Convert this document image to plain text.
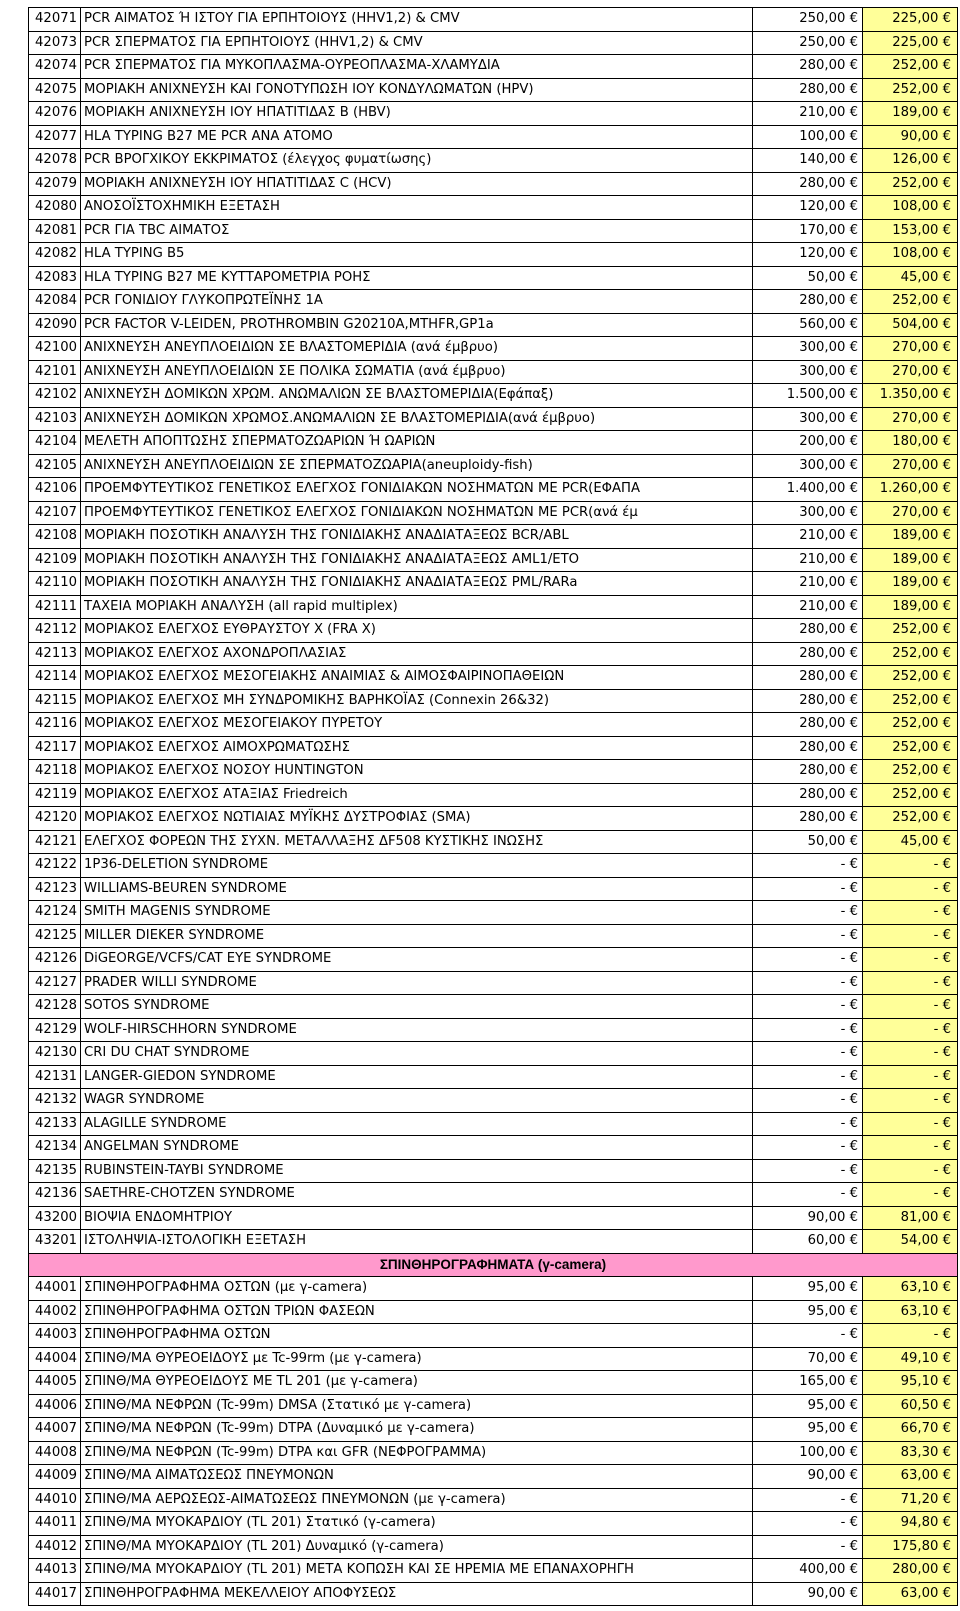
42071 PCR ΑΙΜΑΤΟΣ Ή ΙΣΤΟΥ ΓΙΑ ΕΡΠΗΤΟΙΟΥΣ (HHV1,2) & CMV	250,00 €	225,00 €
42073 PCR ΣΠΕΡΜΑΤΟΣ ΓΙΑ ΕΡΠΗΤΟΙΟΥΣ (HHV1,2) & CMV	250,00 €	225,00 €
42074 PCR ΣΠΕΡΜΑΤΟΣ ΓΙΑ ΜΥΚΟΠΛΑΣΜΑ-ΟΥΡΕΟΠΛΑΣΜΑ-ΧΛΑΜΥΔΙΑ	280,00 €	252,00 €
42075 ΜΟΡΙΑΚΗ ΑΝΙΧΝΕΥΣΗ ΚΑΙ ΓΟΝΟΤΥΠΩΣΗ ΙΟΥ ΚΟΝΔΥΛΩΜΑΤΩΝ (HPV)	280,00 €	252,00 €
42076 ΜΟΡΙΑΚΗ ΑΝΙΧΝΕΥΣΗ ΙΟΥ ΗΠΑΤΙΤΙΔΑΣ Β (HBV)	210,00 €	189,00 €
42077 HLA TYPING B27 ΜΕ PCR ΑΝΑ ΑΤΟΜΟ	100,00 €	90,00 €
42078 PCR ΒΡΟΓΧΙΚΟΥ ΕΚΚΡΙΜΑΤΟΣ (έλεγχος φυματίωσης)	140,00 €	126,00 €
42079 ΜΟΡΙΑΚΗ ΑΝΙΧΝΕΥΣΗ ΙΟΥ ΗΠΑΤΙΤΙΔΑΣ C (HCV)	280,00 €	252,00 €
42080 ΑΝΟΣΟΪΣΤΟΧΗΜΙΚΗ ΕΞΕΤΑΣΗ	120,00 €	108,00 €
42081 PCR ΓΙΑ TBC ΑΙΜΑΤΟΣ	170,00 €	153,00 €
42082 HLA TYPING B5	120,00 €	108,00 €
42083 HLA TYPING B27 ΜΕ ΚΥΤΤΑΡΟΜΕΤΡΙΑ ΡΟΗΣ	50,00 €	45,00 €
42084 PCR ΓΟΝΙΔΙΟΥ ΓΛΥΚΟΠΡΩΤΕΪΝΗΣ 1Α	280,00 €	252,00 €
42090 PCR FACTOR V-LEIDEN, PROTHROMBIN G20210A,MTHFR,GP1a	560,00 €	504,00 €
42100 ΑΝΙΧΝΕΥΣΗ ΑΝΕΥΠΛΟΕΙΔΙΩΝ ΣΕ ΒΛΑΣΤΟΜΕΡΙΔΙΑ (ανά έμβρυο)	300,00 €	270,00 €
42101 ΑΝΙΧΝΕΥΣΗ ΑΝΕΥΠΛΟΕΙΔΙΩΝ ΣΕ ΠΟΛΙΚΑ ΣΩΜΑΤΙΑ (ανά έμβρυο)	300,00 €	270,00 €
42102 ΑΝΙΧΝΕΥΣΗ ΔΟΜΙΚΩΝ ΧΡΩΜ. ΑΝΩΜΑΛΙΩΝ ΣΕ ΒΛΑΣΤΟΜΕΡΙΔΙΑ(Εφάπαξ)	1.500,00 €	1.350,00 €
42103 ΑΝΙΧΝΕΥΣΗ ΔΟΜΙΚΩΝ ΧΡΩΜΟΣ.ΑΝΩΜΑΛΙΩΝ ΣΕ ΒΛΑΣΤΟΜΕΡΙΔΙΑ(ανά έμβρυο)	300,00 €	270,00 €
42104 ΜΕΛΕΤΗ ΑΠΟΠΤΩΣΗΣ ΣΠΕΡΜΑΤΟΖΩΑΡΙΩΝ Ή ΩΑΡΙΩΝ	200,00 €	180,00 €
42105 ΑΝΙΧΝΕΥΣΗ ΑΝΕΥΠΛΟΕΙΔΙΩΝ ΣΕ ΣΠΕΡΜΑΤΟΖΩΑΡΙΑ(aneuploidy-fish)	300,00 €	270,00 €
42106 ΠΡΟΕΜΦΥΤΕΥΤΙΚΟΣ ΓΕΝΕΤΙΚΟΣ ΕΛΕΓΧΟΣ ΓΟΝΙΔΙΑΚΩΝ ΝΟΣΗΜΑΤΩΝ ΜΕ PCR(ΕΦΑΠΑ	1.400,00 €	1.260,00 €
42107 ΠΡΟΕΜΦΥΤΕΥΤΙΚΟΣ ΓΕΝΕΤΙΚΟΣ ΕΛΕΓΧΟΣ ΓΟΝΙΔΙΑΚΩΝ ΝΟΣΗΜΑΤΩΝ ΜΕ PCR(ανά έμ	300,00 €	270,00 €
42108 ΜΟΡΙΑΚΗ ΠΟΣΟΤΙΚΗ ΑΝΑΛΥΣΗ ΤΗΣ ΓΟΝΙΔΙΑΚΗΣ ΑΝΑΔΙΑΤΑΞΕΩΣ BCR/ABL	210,00 €	189,00 €
42109 ΜΟΡΙΑΚΗ ΠΟΣΟΤΙΚΗ ΑΝΑΛΥΣΗ ΤΗΣ ΓΟΝΙΔΙΑΚΗΣ ΑΝΑΔΙΑΤΑΞΕΩΣ AML1/ETO	210,00 €	189,00 €
42110 ΜΟΡΙΑΚΗ ΠΟΣΟΤΙΚΗ ΑΝΑΛΥΣΗ ΤΗΣ ΓΟΝΙΔΙΑΚΗΣ ΑΝΑΔΙΑΤΑΞΕΩΣ PML/RARa	210,00 €	189,00 €
42111 ΤΑΧΕΙΑ ΜΟΡΙΑΚΗ ΑΝΑΛΥΣΗ (all rapid multiplex)	210,00 €	189,00 €
42112 ΜΟΡΙΑΚΟΣ ΕΛΕΓΧΟΣ ΕΥΘΡΑΥΣΤΟΥ Χ (FRA X)	280,00 €	252,00 €
42113 ΜΟΡΙΑΚΟΣ ΕΛΕΓΧΟΣ ΑΧΟΝΔΡΟΠΛΑΣΙΑΣ	280,00 €	252,00 €
42114 ΜΟΡΙΑΚΟΣ ΕΛΕΓΧΟΣ ΜΕΣΟΓΕΙΑΚΗΣ ΑΝΑΙΜΙΑΣ & ΑΙΜΟΣΦΑΙΡΙΝΟΠΑΘΕΙΩΝ	280,00 €	252,00 €
42115 ΜΟΡΙΑΚΟΣ ΕΛΕΓΧΟΣ ΜΗ ΣΥΝΔΡΟΜΙΚΗΣ ΒΑΡΗΚΟΪΑΣ (Connexin 26&32)	280,00 €	252,00 €
42116 ΜΟΡΙΑΚΟΣ ΕΛΕΓΧΟΣ ΜΕΣΟΓΕΙΑΚΟΥ ΠΥΡΕΤΟΥ	280,00 €	252,00 €
42117 ΜΟΡΙΑΚΟΣ ΕΛΕΓΧΟΣ ΑΙΜΟΧΡΩΜΑΤΩΣΗΣ	280,00 €	252,00 €
42118 ΜΟΡΙΑΚΟΣ ΕΛΕΓΧΟΣ ΝΟΣΟΥ HUNTINGTON	280,00 €	252,00 €
42119 ΜΟΡΙΑΚΟΣ ΕΛΕΓΧΟΣ ΑΤΑΞΙΑΣ Friedreich	280,00 €	252,00 €
42120 ΜΟΡΙΑΚΟΣ ΕΛΕΓΧΟΣ ΝΩΤΙΑΙΑΣ ΜΥΪΚΗΣ ΔΥΣΤΡΟΦΙΑΣ (SMA)	280,00 €	252,00 €
42121 ΕΛΕΓΧΟΣ ΦΟΡΕΩΝ ΤΗΣ ΣΥΧΝ. ΜΕΤΑΛΛΑΞΗΣ ΔF508 ΚΥΣΤΙΚΗΣ ΙΝΩΣΗΣ	50,00 €	45,00 €
42122 1P36-DELETION SYNDROME	- €	- €
42123 WILLIAMS-BEUREN SYNDROME	- €	- €
42124 SMITH MAGENIS SYNDROME	- €	- €
42125 MILLER DIEKER SYNDROME	- €	- €
42126 DiGEORGE/VCFS/CAT EYE SYNDROME	- €	- €
42127 PRADER WILLI SYNDROME	- €	- €
42128 SOTOS SYNDROME	- €	- €
42129 WOLF-HIRSCHHORN SYNDROME	- €	- €
42130 CRI DU CHAT SYNDROME	- €	- €
42131 LANGER-GIEDON SYNDROME	- €	- €
42132 WAGR SYNDROME	- €	- €
42133 ALAGILLE SYNDROME	- €	- €
42134 ANGELMAN SYNDROME	- €	- €
42135 RUBINSTEIN-TAYBI SYNDROME	- €	- €
42136 SAETHRE-CHOTZEN SYNDROME	- €	- €
43200 ΒΙΟΨΙΑ ΕΝΔΟΜΗΤΡΙΟΥ	90,00 €	81,00 €
43201 ΙΣΤΟΛΗΨΙΑ-ΙΣΤΟΛΟΓΙΚΗ ΕΞΕΤΑΣΗ	60,00 €	54,00 €
ΣΠΙΝΘΗΡΟΓΡΑΦΗΜΑΤΑ (γ-camera)
44001 ΣΠΙΝΘΗΡΟΓΡΑΦΗΜΑ ΟΣΤΩΝ (με γ-camera)	95,00 €	63,10 €
44002 ΣΠΙΝΘΗΡΟΓΡΑΦΗΜΑ ΟΣΤΩΝ ΤΡΙΩΝ ΦΑΣΕΩΝ	95,00 €	63,10 €
44003 ΣΠΙΝΘΗΡΟΓΡΑΦΗΜΑ ΟΣΤΩΝ	- €	- €
44004 ΣΠΙΝΘ/ΜΑ ΘΥΡΕΟΕΙΔΟΥΣ με Tc-99rm (με γ-camera)	70,00 €	49,10 €
44005 ΣΠΙΝΘ/ΜΑ ΘΥΡΕΟΕΙΔΟΥΣ ΜΕ TL 201 (με γ-camera)	165,00 €	95,10 €
44006 ΣΠΙΝΘ/ΜΑ ΝΕΦΡΩΝ (Tc-99m) DMSA (Στατικό με γ-camera)	95,00 €	60,50 €
44007 ΣΠΙΝΘ/ΜΑ ΝΕΦΡΩΝ (Tc-99m) DTPA (Δυναμικό με γ-camera)	95,00 €	66,70 €
44008 ΣΠΙΝΘ/ΜΑ ΝΕΦΡΩΝ (Tc-99m) DTPA και GFR (ΝΕΦΡΟΓΡΑΜΜΑ)	100,00 €	83,30 €
44009 ΣΠΙΝΘ/ΜΑ ΑΙΜΑΤΩΣΕΩΣ ΠΝΕΥΜΟΝΩΝ	90,00 €	63,00 €
44010 ΣΠΙΝΘ/ΜΑ ΑΕΡΩΣΕΩΣ-ΑΙΜΑΤΩΣΕΩΣ ΠΝΕΥΜΟΝΩΝ (με γ-camera)	- €	71,20 €
44011 ΣΠΙΝΘ/ΜΑ ΜΥΟΚΑΡΔΙΟΥ (TL 201) Στατικό (γ-camera)	- €	94,80 €
44012 ΣΠΙΝΘ/ΜΑ ΜΥΟΚΑΡΔΙΟΥ (TL 201) Δυναμικό (γ-camera)	- €	175,80 €
44013 ΣΠΙΝΘ/ΜΑ ΜΥΟΚΑΡΔΙΟΥ (TL 201) ΜΕΤΑ ΚΟΠΩΣΗ ΚΑΙ ΣΕ ΗΡΕΜΙΑ ΜΕ ΕΠΑΝΑΧΟΡΗΓΗ	400,00 €	280,00 €
44017 ΣΠΙΝΘΗΡΟΓΡΑΦΗΜΑ ΜΕΚΕΛΛΕΙΟΥ ΑΠΟΦΥΣΕΩΣ	90,00 €	63,00 €
